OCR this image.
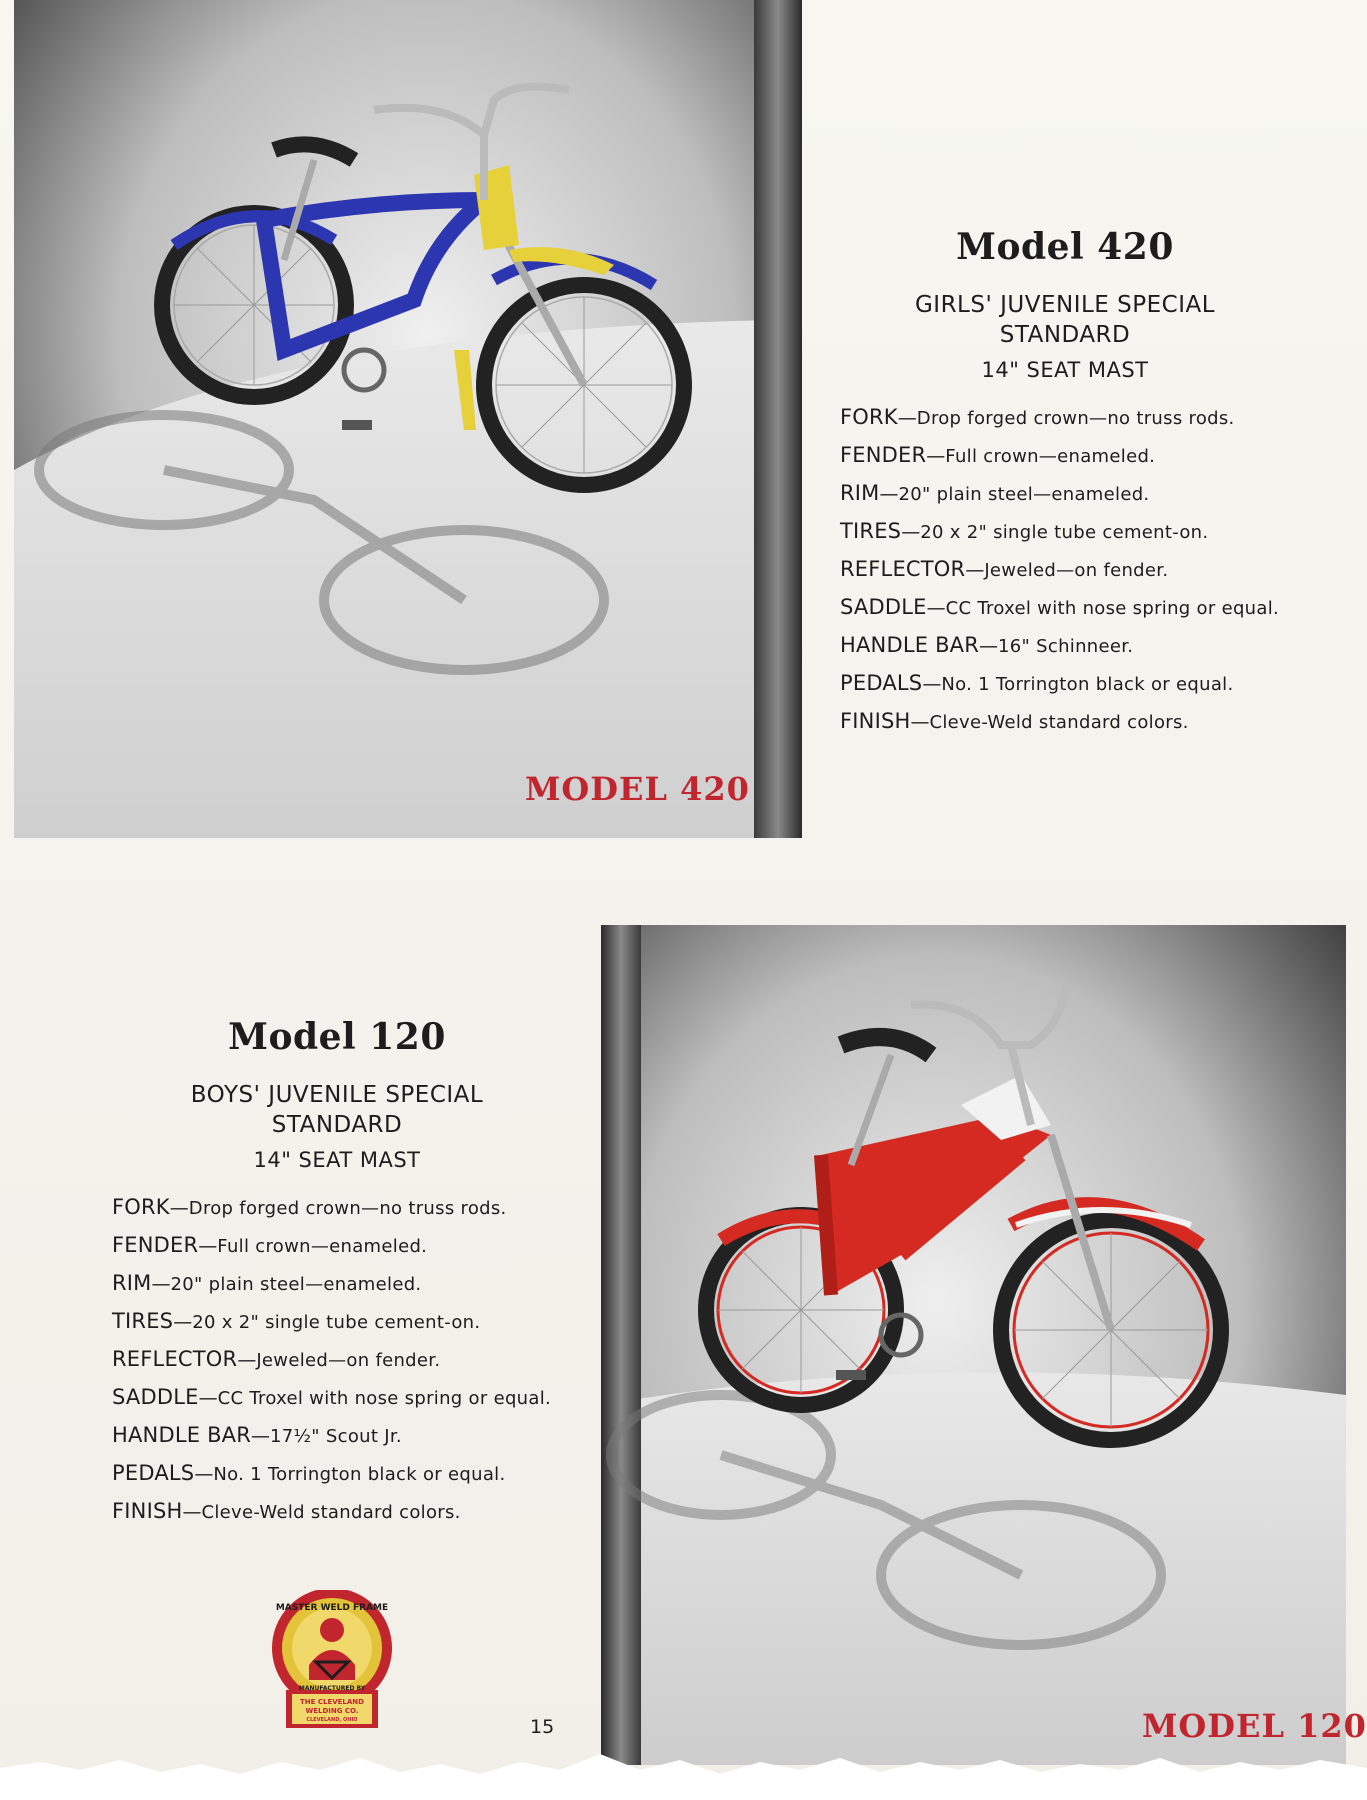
Model 420
GIRLS' JUVENILE SPECIAL
STANDARD
14" SEAT MAST
FORK—Drop forged crown—no truss rods.
FENDER—Full crown—enameled.
RIM—20" plain steel—enameled.
TIRES—20 x 2" single tube cement-on.
REFLECTOR—Jeweled—on fender.
SADDLE—CC Troxel with nose spring or equal.
HANDLE BAR—16" Schinneer.
PEDALS—No. 1 Torrington black or equal.
FINISH—Cleve-Weld standard colors.
MODEL 420
Model 120
BOYS' JUVENILE SPECIAL
STANDARD
14" SEAT MAST
FORK—Drop forged crown—no truss rods.
FENDER—Full crown—enameled.
RIM—20" plain steel—enameled.
TIRES—20 x 2" single tube cement-on.
REFLECTOR—Jeweled—on fender.
SADDLE—CC Troxel with nose spring or equal.
HANDLE BAR—17½" Scout Jr.
PEDALS—No. 1 Torrington black or equal.
FINISH—Cleve-Weld standard colors.
MODEL 120
MASTER WELD FRAME
MANUFACTURED BY
THE CLEVELAND
WELDING CO.
CLEVELAND, OHIO	15
